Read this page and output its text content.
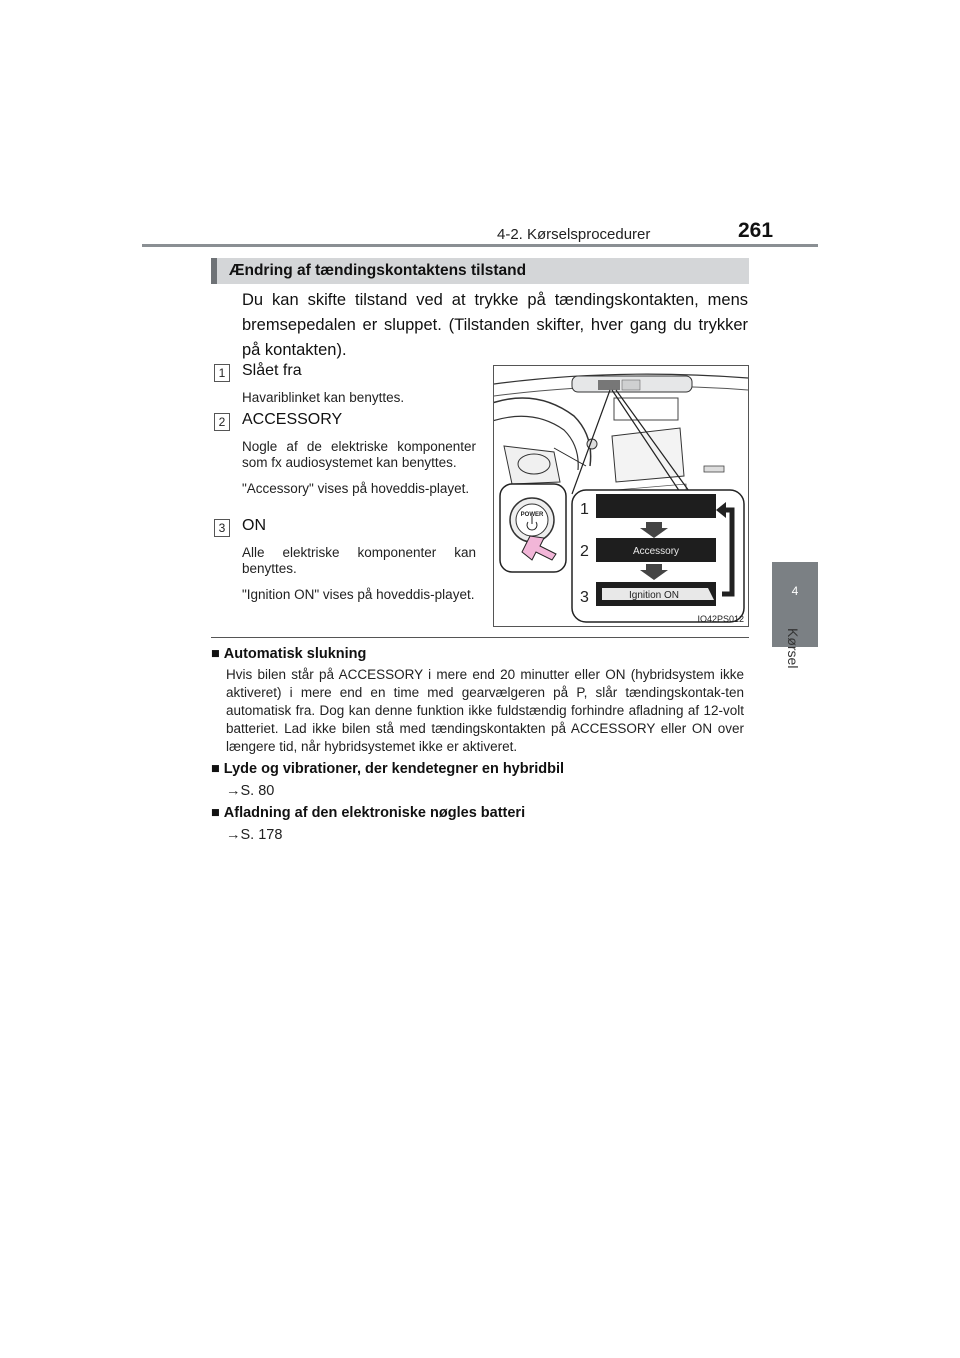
4-2. Kørselsprocedurer	261
4
Kørsel
Ændring af tændingskontaktens tilstand
Du kan skifte tilstand ved at trykke på tændingskontakten, mens bremsepedalen er sluppet. (Tilstanden skifter, hver gang du trykker på kontakten).
1 Slået fra
Havariblinket kan benyttes.
2 ACCESSORY
Nogle af de elektriske komponenter som fx audiosystemet kan benyttes.
"Accessory" vises på hoveddis-playet.
3 ON
Alle elektriske komponenter kan benyttes.
"Ignition ON" vises på hoveddis-playet.
POWER 1
2	Accessory
3	Ignition ON
IO42PS012
■ Automatisk slukning
Hvis bilen står på ACCESSORY i mere end 20 minutter eller ON (hybridsystem ikke aktiveret) i mere end en time med gearvælgeren på P, slår tændingskontak-ten automatisk fra. Dog kan denne funktion ikke fuldstændig forhindre afladning af 12-volt batteriet. Lad ikke bilen stå med tændingskontakten på ACCESSORY eller ON over længere tid, når hybridsystemet ikke er aktiveret.
■ Lyde og vibrationer, der kendetegner en hybridbil
→S. 80
■ Afladning af den elektroniske nøgles batteri
→S. 178
